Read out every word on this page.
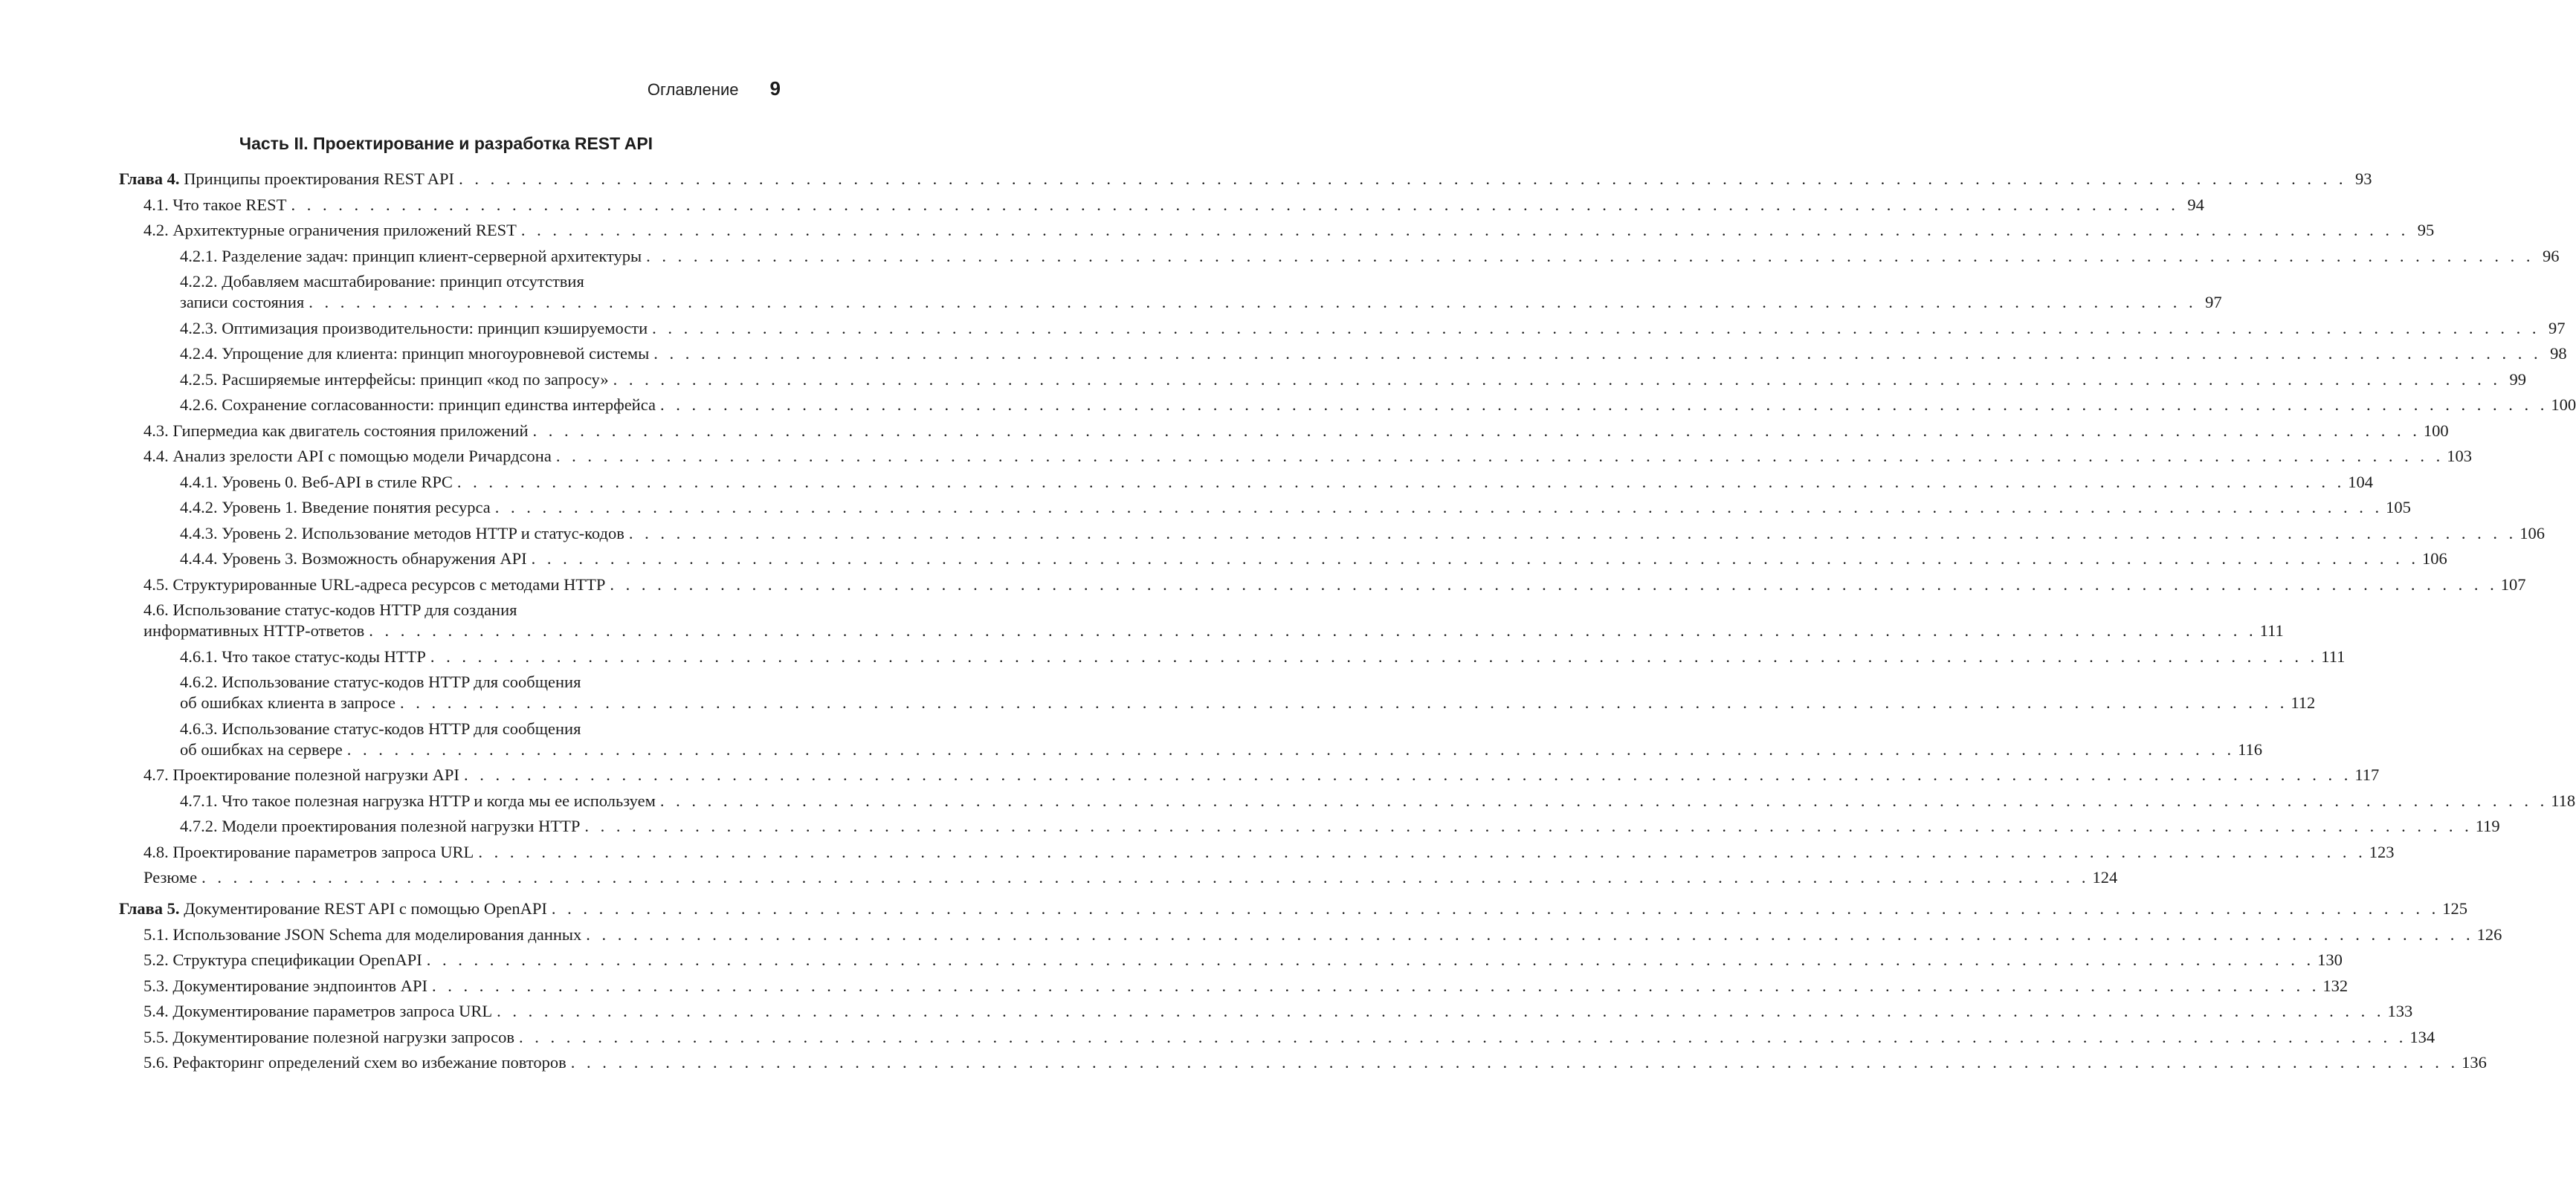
Оглавление 9
Часть II. Проектирование и разработка REST API
Глава 4. Принципы проектирования REST API . . . . . . . . . . . . . . . . . . . . . . . . . . . . . . . . . . . . . . . . . . . . . . . . . . . . . . . . . . . . . . . . . . . . . . . . . . . . . . . . . . . . . . . . . . . . . . . . . . . . . . . . . . . . . . . . . . . . . . . . 93
4.1. Что такое REST . . . . . . . . . . . . . . . . . . . . . . . . . . . . . . . . . . . . . . . . . . . . . . . . . . . . . . . . . . . . . . . . . . . . . . . . . . . . . . . . . . . . . . . . . . . . . . . . . . . . . . . . . . . . . . . . . . . . . . . . 94
4.2. Архитектурные ограничения приложений REST . . . . . . . . . . . . . . . . . . . . . . . . . . . . . . . . . . . . . . . . . . . . . . . . . . . . . . . . . . . . . . . . . . . . . . . . . . . . . . . . . . . . . . . . . . . . . . . . . . . . . . . . . . . . . . . . . . . . . . . . 95
4.2.1. Разделение задач: принцип клиент-серверной архитектуры . . . . . . . . . . . . . . . . . . . . . . . . . . . . . . . . . . . . . . . . . . . . . . . . . . . . . . . . . . . . . . . . . . . . . . . . . . . . . . . . . . . . . . . . . . . . . . . . . . . . . . . . . . . . . . . . . . . . . . . . 96
4.2.2. Добавляем масштабирование: принцип отсутствия
записи состояния . . . . . . . . . . . . . . . . . . . . . . . . . . . . . . . . . . . . . . . . . . . . . . . . . . . . . . . . . . . . . . . . . . . . . . . . . . . . . . . . . . . . . . . . . . . . . . . . . . . . . . . . . . . . . . . . . . . . . . . . 97
4.2.3. Оптимизация производительности: принцип кэшируемости . . . . . . . . . . . . . . . . . . . . . . . . . . . . . . . . . . . . . . . . . . . . . . . . . . . . . . . . . . . . . . . . . . . . . . . . . . . . . . . . . . . . . . . . . . . . . . . . . . . . . . . . . . . . . . . . . . . . . . . . 97
4.2.4. Упрощение для клиента: принцип многоуровневой системы . . . . . . . . . . . . . . . . . . . . . . . . . . . . . . . . . . . . . . . . . . . . . . . . . . . . . . . . . . . . . . . . . . . . . . . . . . . . . . . . . . . . . . . . . . . . . . . . . . . . . . . . . . . . . . . . . . . . . . . . 98
4.2.5. Расширяемые интерфейсы: принцип «код по запросу» . . . . . . . . . . . . . . . . . . . . . . . . . . . . . . . . . . . . . . . . . . . . . . . . . . . . . . . . . . . . . . . . . . . . . . . . . . . . . . . . . . . . . . . . . . . . . . . . . . . . . . . . . . . . . . . . . . . . . . . . 99
4.2.6. Сохранение согласованности: принцип единства интерфейса . . . . . . . . . . . . . . . . . . . . . . . . . . . . . . . . . . . . . . . . . . . . . . . . . . . . . . . . . . . . . . . . . . . . . . . . . . . . . . . . . . . . . . . . . . . . . . . . . . . . . . . . . . . . . . . . . . . . . . . . 100
4.3. Гипермедиа как двигатель состояния приложений . . . . . . . . . . . . . . . . . . . . . . . . . . . . . . . . . . . . . . . . . . . . . . . . . . . . . . . . . . . . . . . . . . . . . . . . . . . . . . . . . . . . . . . . . . . . . . . . . . . . . . . . . . . . . . . . . . . . . . . . 100
4.4. Анализ зрелости API с помощью модели Ричардсона . . . . . . . . . . . . . . . . . . . . . . . . . . . . . . . . . . . . . . . . . . . . . . . . . . . . . . . . . . . . . . . . . . . . . . . . . . . . . . . . . . . . . . . . . . . . . . . . . . . . . . . . . . . . . . . . . . . . . . . . 103
4.4.1. Уровень 0. Веб-API в стиле RPC . . . . . . . . . . . . . . . . . . . . . . . . . . . . . . . . . . . . . . . . . . . . . . . . . . . . . . . . . . . . . . . . . . . . . . . . . . . . . . . . . . . . . . . . . . . . . . . . . . . . . . . . . . . . . . . . . . . . . . . . 104
4.4.2. Уровень 1. Введение понятия ресурса . . . . . . . . . . . . . . . . . . . . . . . . . . . . . . . . . . . . . . . . . . . . . . . . . . . . . . . . . . . . . . . . . . . . . . . . . . . . . . . . . . . . . . . . . . . . . . . . . . . . . . . . . . . . . . . . . . . . . . . . 105
4.4.3. Уровень 2. Использование методов HTTP и статус-кодов . . . . . . . . . . . . . . . . . . . . . . . . . . . . . . . . . . . . . . . . . . . . . . . . . . . . . . . . . . . . . . . . . . . . . . . . . . . . . . . . . . . . . . . . . . . . . . . . . . . . . . . . . . . . . . . . . . . . . . . . 106
4.4.4. Уровень 3. Возможность обнаружения API . . . . . . . . . . . . . . . . . . . . . . . . . . . . . . . . . . . . . . . . . . . . . . . . . . . . . . . . . . . . . . . . . . . . . . . . . . . . . . . . . . . . . . . . . . . . . . . . . . . . . . . . . . . . . . . . . . . . . . . . 106
4.5. Структурированные URL-адреса ресурсов с методами HTTP . . . . . . . . . . . . . . . . . . . . . . . . . . . . . . . . . . . . . . . . . . . . . . . . . . . . . . . . . . . . . . . . . . . . . . . . . . . . . . . . . . . . . . . . . . . . . . . . . . . . . . . . . . . . . . . . . . . . . . . . 107
4.6. Использование статус-кодов HTTP для создания
информативных HTTP-ответов . . . . . . . . . . . . . . . . . . . . . . . . . . . . . . . . . . . . . . . . . . . . . . . . . . . . . . . . . . . . . . . . . . . . . . . . . . . . . . . . . . . . . . . . . . . . . . . . . . . . . . . . . . . . . . . . . . . . . . . . 111
4.6.1. Что такое статус-коды HTTP . . . . . . . . . . . . . . . . . . . . . . . . . . . . . . . . . . . . . . . . . . . . . . . . . . . . . . . . . . . . . . . . . . . . . . . . . . . . . . . . . . . . . . . . . . . . . . . . . . . . . . . . . . . . . . . . . . . . . . . . 111
4.6.2. Использование статус-кодов HTTP для сообщения
об ошибках клиента в запросе . . . . . . . . . . . . . . . . . . . . . . . . . . . . . . . . . . . . . . . . . . . . . . . . . . . . . . . . . . . . . . . . . . . . . . . . . . . . . . . . . . . . . . . . . . . . . . . . . . . . . . . . . . . . . . . . . . . . . . . . 112
4.6.3. Использование статус-кодов HTTP для сообщения
об ошибках на сервере . . . . . . . . . . . . . . . . . . . . . . . . . . . . . . . . . . . . . . . . . . . . . . . . . . . . . . . . . . . . . . . . . . . . . . . . . . . . . . . . . . . . . . . . . . . . . . . . . . . . . . . . . . . . . . . . . . . . . . . . 116
4.7. Проектирование полезной нагрузки API . . . . . . . . . . . . . . . . . . . . . . . . . . . . . . . . . . . . . . . . . . . . . . . . . . . . . . . . . . . . . . . . . . . . . . . . . . . . . . . . . . . . . . . . . . . . . . . . . . . . . . . . . . . . . . . . . . . . . . . . 117
4.7.1. Что такое полезная нагрузка HTTP и когда мы ее используем . . . . . . . . . . . . . . . . . . . . . . . . . . . . . . . . . . . . . . . . . . . . . . . . . . . . . . . . . . . . . . . . . . . . . . . . . . . . . . . . . . . . . . . . . . . . . . . . . . . . . . . . . . . . . . . . . . . . . . . . 118
4.7.2. Модели проектирования полезной нагрузки HTTP . . . . . . . . . . . . . . . . . . . . . . . . . . . . . . . . . . . . . . . . . . . . . . . . . . . . . . . . . . . . . . . . . . . . . . . . . . . . . . . . . . . . . . . . . . . . . . . . . . . . . . . . . . . . . . . . . . . . . . . . 119
4.8. Проектирование параметров запроса URL . . . . . . . . . . . . . . . . . . . . . . . . . . . . . . . . . . . . . . . . . . . . . . . . . . . . . . . . . . . . . . . . . . . . . . . . . . . . . . . . . . . . . . . . . . . . . . . . . . . . . . . . . . . . . . . . . . . . . . . . 123
Резюме . . . . . . . . . . . . . . . . . . . . . . . . . . . . . . . . . . . . . . . . . . . . . . . . . . . . . . . . . . . . . . . . . . . . . . . . . . . . . . . . . . . . . . . . . . . . . . . . . . . . . . . . . . . . . . . . . . . . . . . . 124
Глава 5. Документирование REST API с помощью OpenAPI . . . . . . . . . . . . . . . . . . . . . . . . . . . . . . . . . . . . . . . . . . . . . . . . . . . . . . . . . . . . . . . . . . . . . . . . . . . . . . . . . . . . . . . . . . . . . . . . . . . . . . . . . . . . . . . . . . . . . . . . 125
5.1. Использование JSON Schema для моделирования данных . . . . . . . . . . . . . . . . . . . . . . . . . . . . . . . . . . . . . . . . . . . . . . . . . . . . . . . . . . . . . . . . . . . . . . . . . . . . . . . . . . . . . . . . . . . . . . . . . . . . . . . . . . . . . . . . . . . . . . . . 126
5.2. Структура спецификации OpenAPI . . . . . . . . . . . . . . . . . . . . . . . . . . . . . . . . . . . . . . . . . . . . . . . . . . . . . . . . . . . . . . . . . . . . . . . . . . . . . . . . . . . . . . . . . . . . . . . . . . . . . . . . . . . . . . . . . . . . . . . . 130
5.3. Документирование эндпоинтов API . . . . . . . . . . . . . . . . . . . . . . . . . . . . . . . . . . . . . . . . . . . . . . . . . . . . . . . . . . . . . . . . . . . . . . . . . . . . . . . . . . . . . . . . . . . . . . . . . . . . . . . . . . . . . . . . . . . . . . . . 132
5.4. Документирование параметров запроса URL . . . . . . . . . . . . . . . . . . . . . . . . . . . . . . . . . . . . . . . . . . . . . . . . . . . . . . . . . . . . . . . . . . . . . . . . . . . . . . . . . . . . . . . . . . . . . . . . . . . . . . . . . . . . . . . . . . . . . . . . 133
5.5. Документирование полезной нагрузки запросов . . . . . . . . . . . . . . . . . . . . . . . . . . . . . . . . . . . . . . . . . . . . . . . . . . . . . . . . . . . . . . . . . . . . . . . . . . . . . . . . . . . . . . . . . . . . . . . . . . . . . . . . . . . . . . . . . . . . . . . . 134
5.6. Рефакторинг определений схем во избежание повторов . . . . . . . . . . . . . . . . . . . . . . . . . . . . . . . . . . . . . . . . . . . . . . . . . . . . . . . . . . . . . . . . . . . . . . . . . . . . . . . . . . . . . . . . . . . . . . . . . . . . . . . . . . . . . . . . . . . . . . . . 136
